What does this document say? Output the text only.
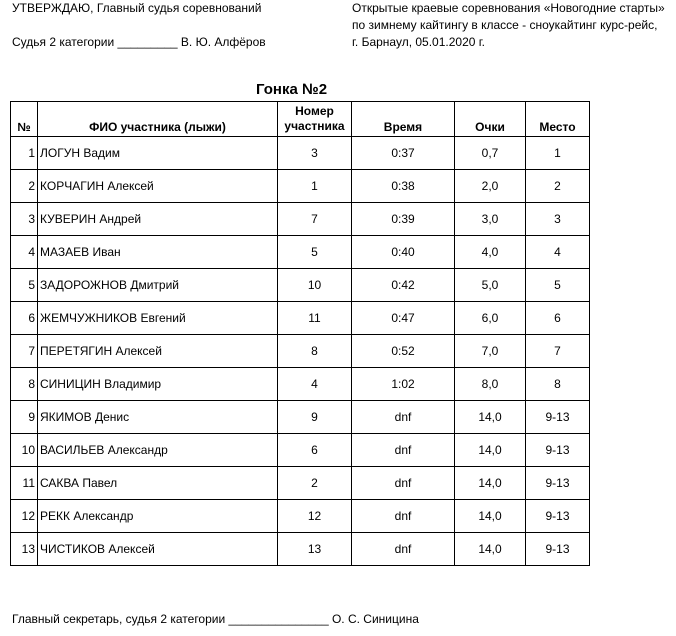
УТВЕРЖДАЮ, Главный судья соревнований
Судья 2 категории _________ В. Ю. Алфёров
Открытые краевые соревнования «Новогодние старты»
по зимнему кайтингу в классе - сноукайтинг курс-рейс,
г. Барнаул, 05.01.2020 г.
Гонка №2
№	ФИО участника (лыжи)	Номер участника	Время	Очки	Место
1	ЛОГУН Вадим	3	0:37	0,7	1
2	КОРЧАГИН Алексей	1	0:38	2,0	2
3	КУВЕРИН Андрей	7	0:39	3,0	3
4	МАЗАЕВ Иван	5	0:40	4,0	4
5	ЗАДОРОЖНОВ Дмитрий	10	0:42	5,0	5
6	ЖЕМЧУЖНИКОВ Евгений	11	0:47	6,0	6
7	ПЕРЕТЯГИН Алексей	8	0:52	7,0	7
8	СИНИЦИН Владимир	4	1:02	8,0	8
9	ЯКИМОВ Денис	9	dnf	14,0	9-13
10	ВАСИЛЬЕВ Александр	6	dnf	14,0	9-13
11	САКВА Павел	2	dnf	14,0	9-13
12	РЕКК Александр	12	dnf	14,0	9-13
13	ЧИСТИКОВ Алексей	13	dnf	14,0	9-13
Главный секретарь, судья 2 категории _______________ О. С. Синицина
